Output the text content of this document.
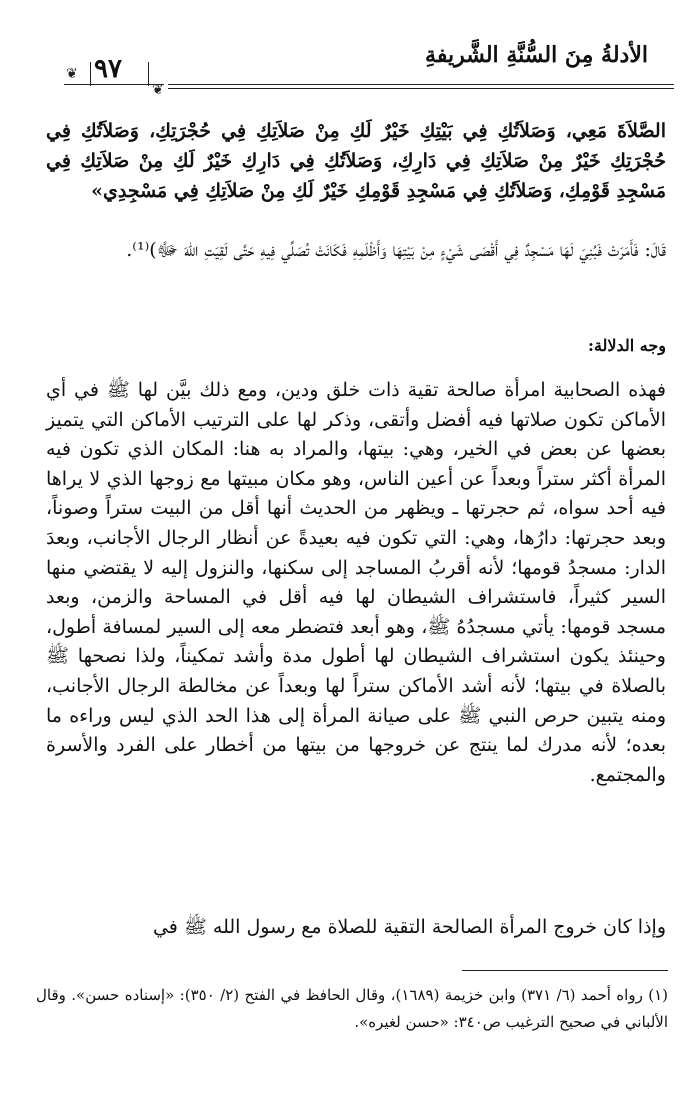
الأدلةُ مِنَ السُّنَّةِ الشَّريفةِ
٩٧
❦
❦
الصَّلاَةَ مَعِي، وَصَلاَتُكِ فِي بَيْتِكِ خَيْرٌ لَكِ مِنْ صَلاَتِكِ فِي حُجْرَتِكِ، وَصَلاَتُكِ فِي حُجْرَتِكِ خَيْرٌ مِنْ صَلاَتِكِ فِي دَارِكِ، وَصَلاَتُكِ فِي دَارِكِ خَيْرٌ لَكِ مِنْ صَلاَتِكِ فِي مَسْجِدِ قَوْمِكِ، وَصَلاَتُكِ فِي مَسْجِدِ قَوْمِكِ خَيْرٌ لَكِ مِنْ صَلاَتِكِ فِي مَسْجِدِي»
قَالَ: فَأَمَرَتْ فَبُنِيَ لَهَا مَسْجِدٌ فِي أَقْصَى شَيْءٍ مِنْ بَيْتِهَا وَأَظْلَمِهِ فَكَانَتْ تُصَلِّي فِيهِ حَتَّى لَقِيَتِ اللهَ ﷻ)⁽¹⁾.
وجه الدلالة:
فهذه الصحابية امرأة صالحة تقية ذات خلق ودين، ومع ذلك بيَّن لها ﷺ في أي الأماكن تكون صلاتها فيه أفضل وأتقى، وذكر لها على الترتيب الأماكن التي يتميز بعضها عن بعض في الخير، وهي: بيتها، والمراد به هنا: المكان الذي تكون فيه المرأة أكثر ستراً وبعداً عن أعين الناس، وهو مكان مبيتها مع زوجها الذي لا يراها فيه أحد سواه، ثم حجرتها ـ ويظهر من الحديث أنها أقل من البيت ستراً وصوناً، وبعد حجرتها: دارُها، وهي: التي تكون فيه بعيدةً عن أنظار الرجال الأجانب، وبعدَ الدار: مسجدُ قومها؛ لأنه أقربُ المساجد إلى سكنها، والنزول إليه لا يقتضي منها السير كثيراً، فاستشراف الشيطان لها فيه أقل في المساحة والزمن، وبعد مسجد قومها: يأتي مسجدُهُ ﷺ، وهو أبعد فتضطر معه إلى السير لمسافة أطول، وحينئذ يكون استشراف الشيطان لها أطول مدة وأشد تمكيناً، ولذا نصحها ﷺ بالصلاة في بيتها؛ لأنه أشد الأماكن ستراً لها وبعداً عن مخالطة الرجال الأجانب، ومنه يتبين حرص النبي ﷺ على صيانة المرأة إلى هذا الحد الذي ليس وراءه ما بعده؛ لأنه مدرك لما ينتج عن خروجها من بيتها من أخطار على الفرد والأسرة والمجتمع.
وإذا كان خروج المرأة الصالحة التقية للصلاة مع رسول الله ﷺ في
(١) رواه أحمد (٦/ ٣٧١) وابن خزيمة (١٦٨٩)، وقال الحافظ في الفتح (٢/ ٣٥٠): «إسناده حسن». وقال الألباني في صحيح الترغيب ص٣٤٠: «حسن لغيره».
